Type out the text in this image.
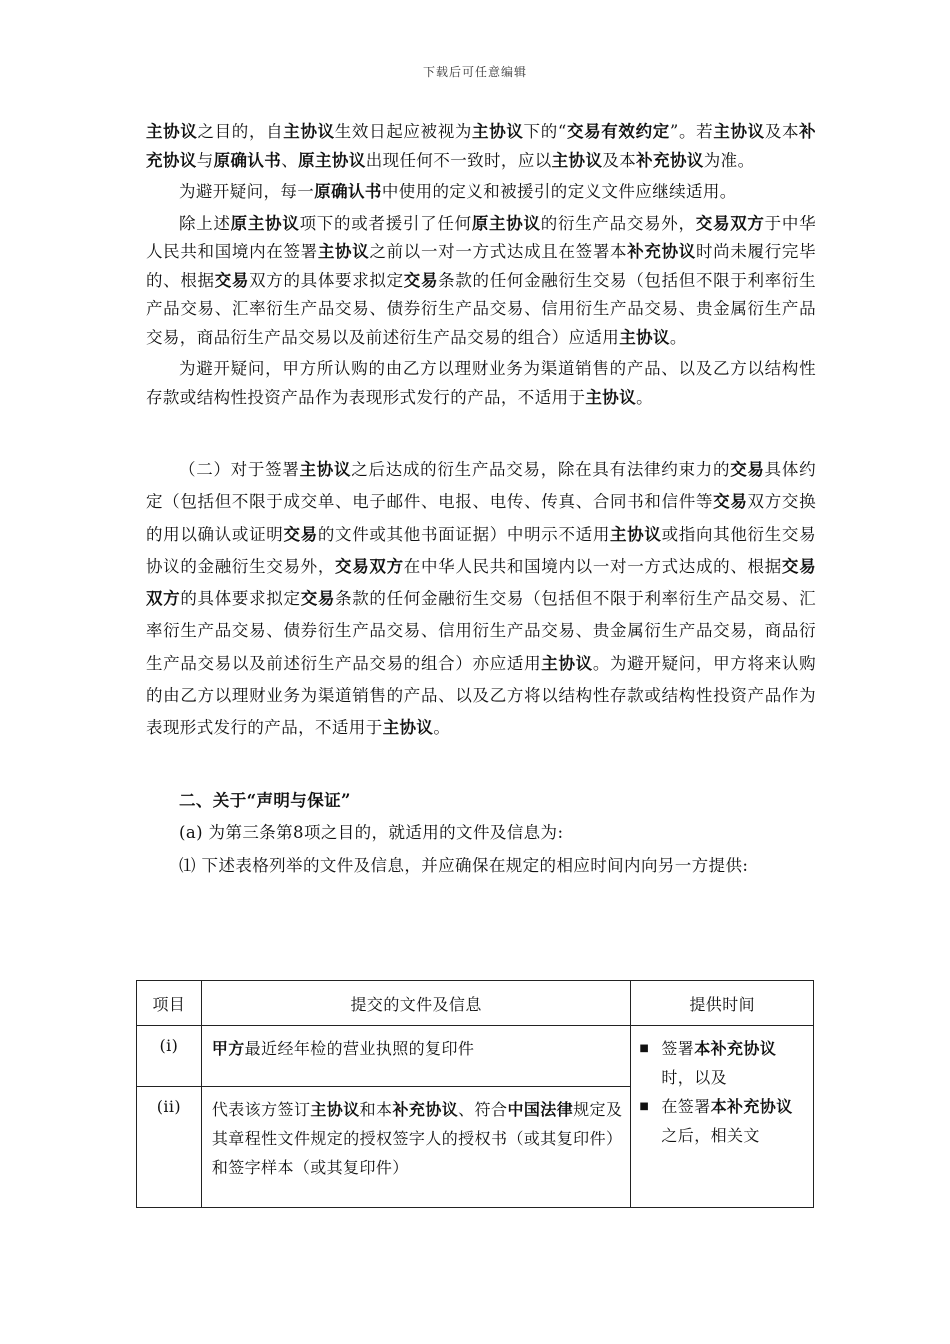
下载后可任意编辑

主协议之目的，自主协议生效日起应被视为主协议下的“交易有效约定”。若主协议及本补充协议与原确认书、原主协议出现任何不一致时，应以主协议及本补充协议为准。

为避开疑问，每一原确认书中使用的定义和被援引的定义文件应继续适用。

除上述原主协议项下的或者援引了任何原主协议的衍生产品交易外，交易双方于中华人民共和国境内在签署主协议之前以一对一方式达成且在签署本补充协议时尚未履行完毕的、根据交易双方的具体要求拟定交易条款的任何金融衍生交易（包括但不限于利率衍生产品交易、汇率衍生产品交易、债券衍生产品交易、信用衍生产品交易、贵金属衍生产品交易，商品衍生产品交易以及前述衍生产品交易的组合）应适用主协议。

为避开疑问，甲方所认购的由乙方以理财业务为渠道销售的产品、以及乙方以结构性存款或结构性投资产品作为表现形式发行的产品，不适用于主协议。

（二）对于签署主协议之后达成的衍生产品交易，除在具有法律约束力的交易具体约定（包括但不限于成交单、电子邮件、电报、电传、传真、合同书和信件等交易双方交换的用以确认或证明交易的文件或其他书面证据）中明示不适用主协议或指向其他衍生交易协议的金融衍生交易外，交易双方在中华人民共和国境内以一对一方式达成的、根据交易双方的具体要求拟定交易条款的任何金融衍生交易（包括但不限于利率衍生产品交易、汇率衍生产品交易、债券衍生产品交易、信用衍生产品交易、贵金属衍生产品交易，商品衍生产品交易以及前述衍生产品交易的组合）亦应适用主协议。为避开疑问，甲方将来认购的由乙方以理财业务为渠道销售的产品、以及乙方将以结构性存款或结构性投资产品作为表现形式发行的产品，不适用于主协议。

二、关于“声明与保证”

(a) 为第三条第8项之目的，就适用的文件及信息为:

⑴ 下述表格列举的文件及信息，并应确保在规定的相应时间内向另一方提供:

项目	提交的文件及信息	提供时间
(i)	甲方最近经年检的营业执照的复印件	■ 签署本补充协议
时，以及
■ 在签署本补充协议之后，相关文

(ii)	代表该方签订主协议和本补充协议、符合中国法律规定及其章程性文件规定的授权签字人的授权书（或其复印件）和签字样本（或其复印件）	
